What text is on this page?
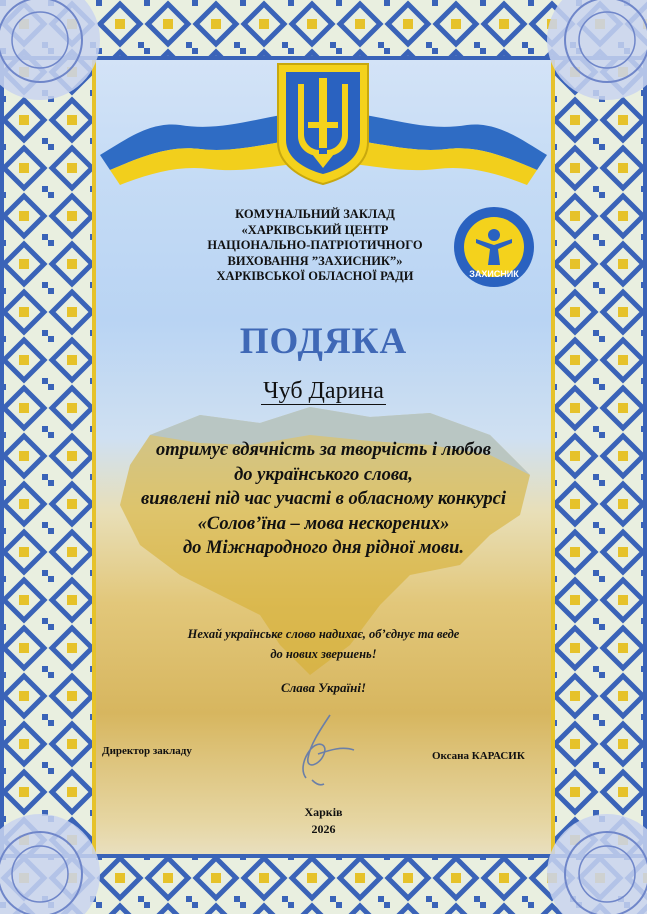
КОМУНАЛЬНИЙ ЗАКЛАД
«ХАРКІВСЬКИЙ ЦЕНТР
НАЦІОНАЛЬНО-ПАТРІОТИЧНОГО
ВИХОВАННЯ ”ЗАХИСНИК”»
ХАРКІВСЬКОЇ ОБЛАСНОЇ РАДИ	ЗАХИСНИК
ПОДЯКА
Чуб Дарина
отримує вдячність за творчість і любов
до українського слова,
виявлені під час участі в обласному конкурсі
«Солов’їна – мова нескорених»
до Міжнародного дня рідної мови.
Нехай українське слово надихає, об’єднує та веде
до нових звершень!
Слава Україні!
Директор закладу	Оксана КАРАСИК
Харків
2026
